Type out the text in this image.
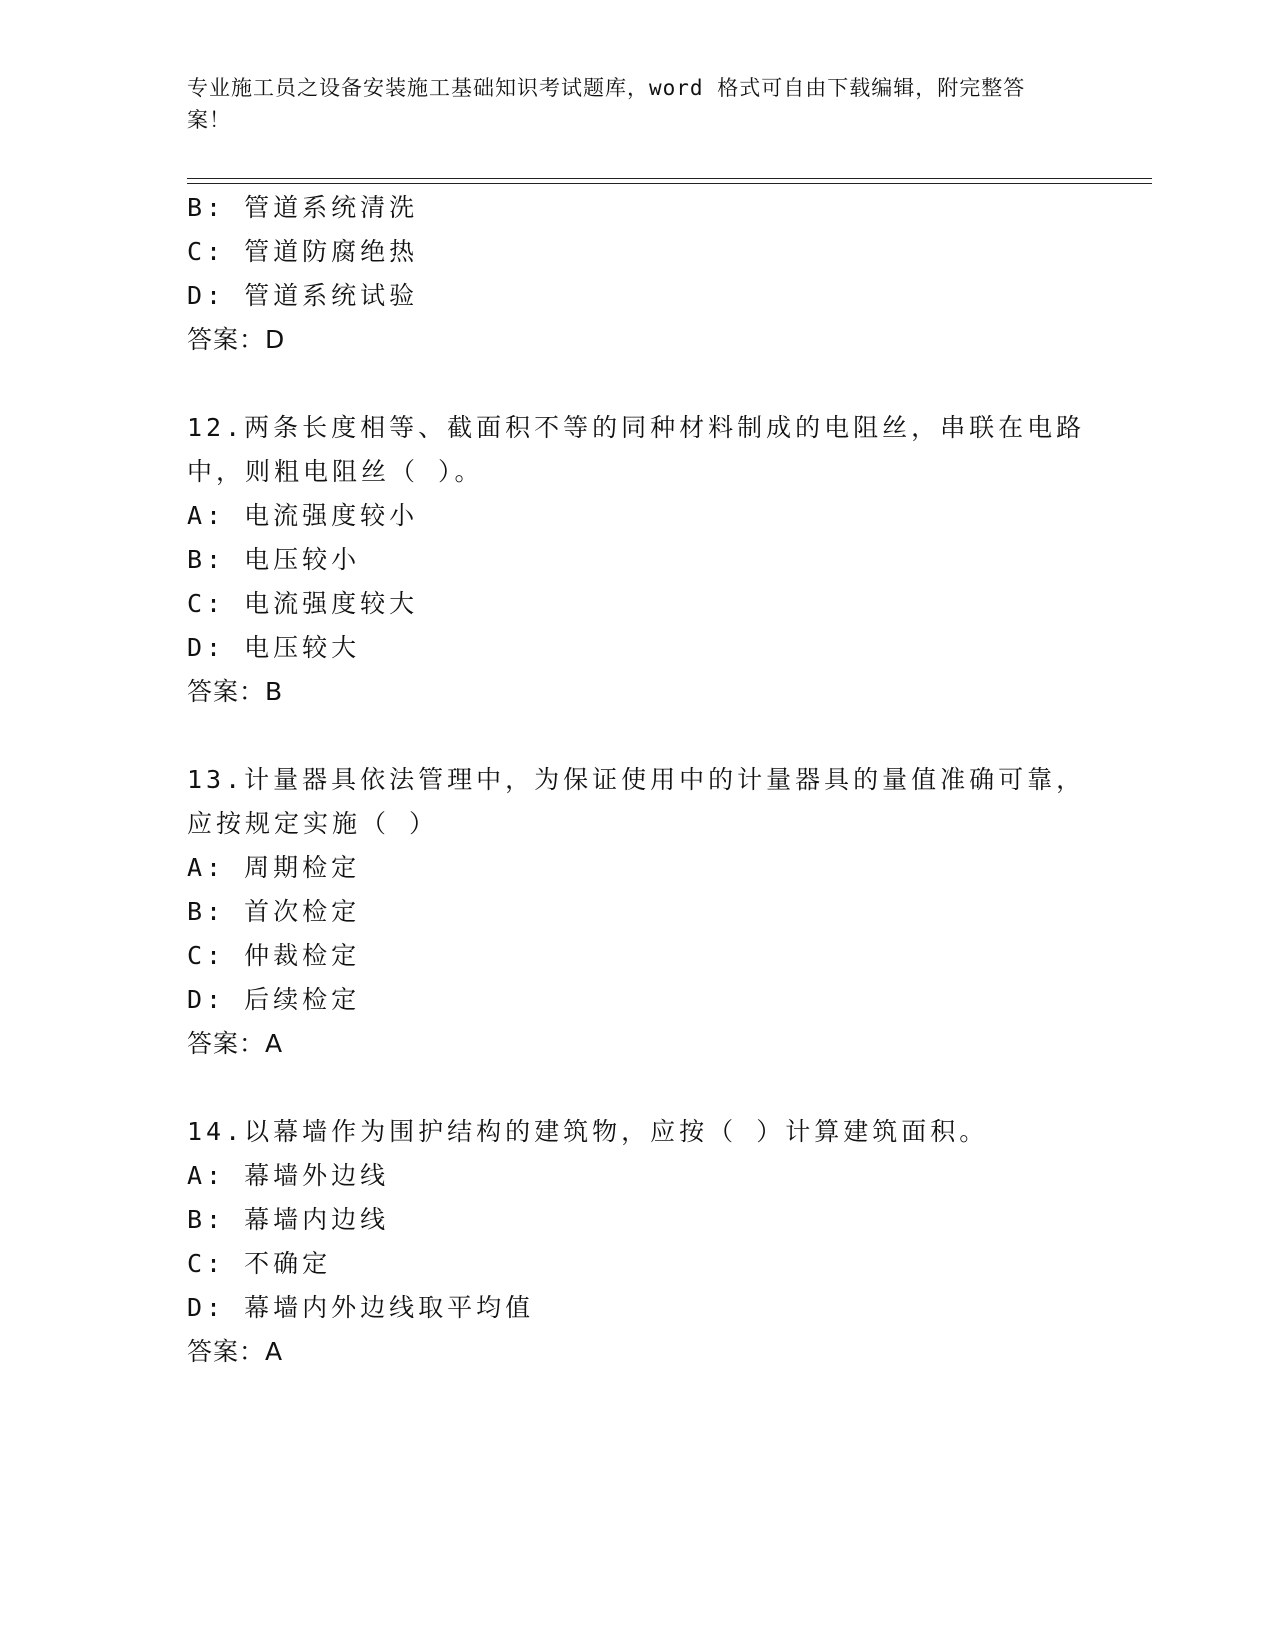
专业施工员之设备安装施工基础知识考试题库，word 格式可自由下载编辑，附完整答案！
B: 管道系统清洗
C: 管道防腐绝热
D: 管道系统试验
答案：D
12.两条长度相等、截面积不等的同种材料制成的电阻丝，串联在电路
中，则粗电阻丝（ ）。
A: 电流强度较小
B: 电压较小
C: 电流强度较大
D: 电压较大
答案：B
13.计量器具依法管理中，为保证使用中的计量器具的量值准确可靠，
应按规定实施（ ）
A: 周期检定
B: 首次检定
C: 仲裁检定
D: 后续检定
答案：A
14.以幕墙作为围护结构的建筑物，应按（ ）计算建筑面积。
A: 幕墙外边线
B: 幕墙内边线
C: 不确定
D: 幕墙内外边线取平均值
答案：A
